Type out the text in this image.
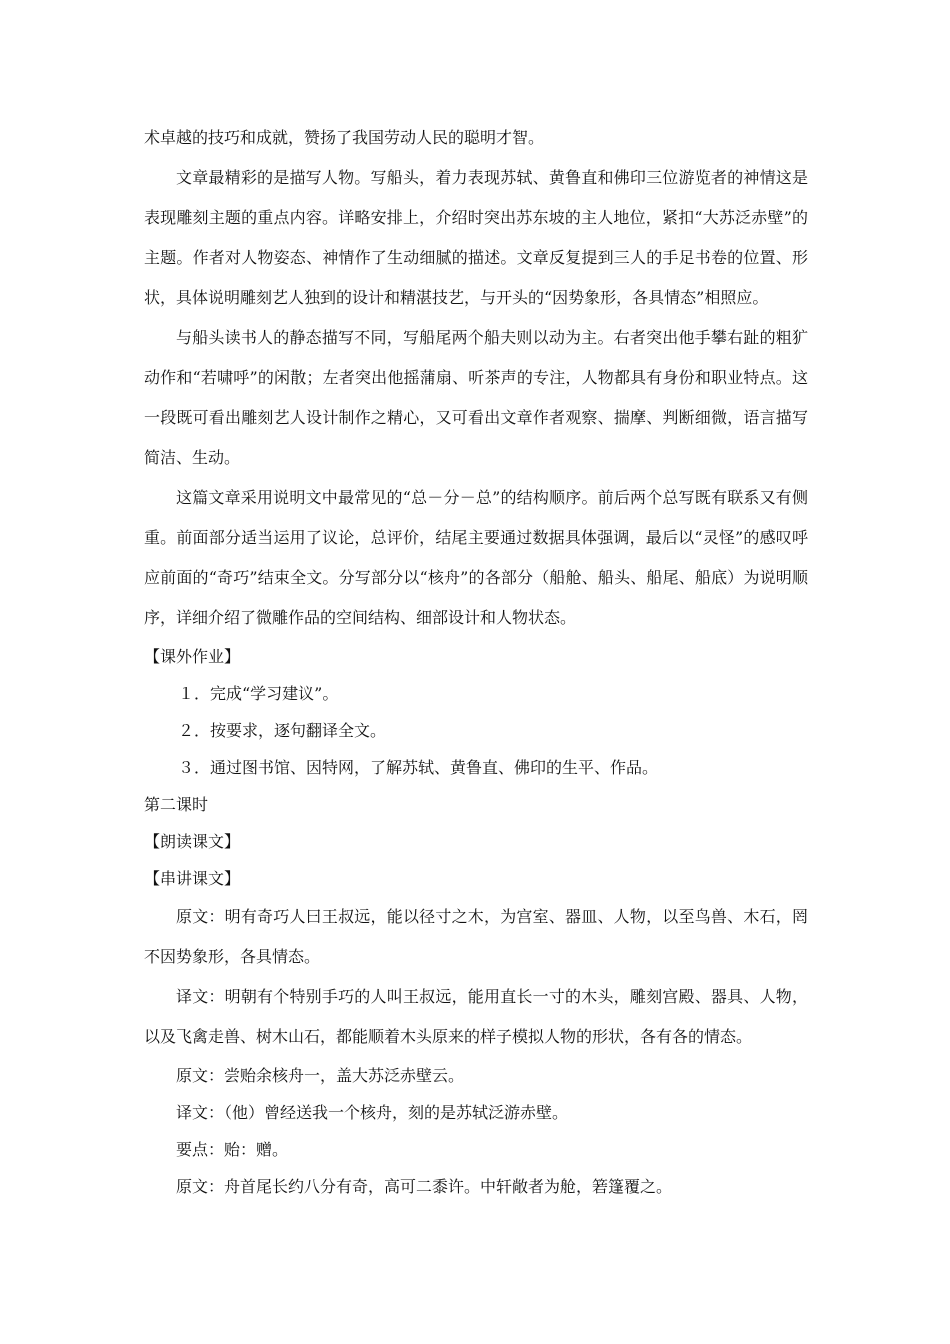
术卓越的技巧和成就，赞扬了我国劳动人民的聪明才智。

文章最精彩的是描写人物。写船头，着力表现苏轼、黄鲁直和佛印三位游览者的神情这是表现雕刻主题的重点内容。详略安排上，介绍时突出苏东坡的主人地位，紧扣“大苏泛赤壁”的主题。作者对人物姿态、神情作了生动细腻的描述。文章反复提到三人的手足书卷的位置、形状，具体说明雕刻艺人独到的设计和精湛技艺，与开头的“因势象形，各具情态”相照应。

与船头读书人的静态描写不同，写船尾两个船夫则以动为主。右者突出他手攀右趾的粗犷动作和“若啸呼”的闲散；左者突出他摇蒲扇、听茶声的专注，人物都具有身份和职业特点。这一段既可看出雕刻艺人设计制作之精心，又可看出文章作者观察、揣摩、判断细微，语言描写简洁、生动。

这篇文章采用说明文中最常见的“总－分－总”的结构顺序。前后两个总写既有联系又有侧重。前面部分适当运用了议论，总评价，结尾主要通过数据具体强调，最后以“灵怪”的感叹呼应前面的“奇巧”结束全文。分写部分以“核舟”的各部分（船舱、船头、船尾、船底）为说明顺序，详细介绍了微雕作品的空间结构、细部设计和人物状态。

【课外作业】

１．完成“学习建议”。

２．按要求，逐句翻译全文。

３．通过图书馆、因特网，了解苏轼、黄鲁直、佛印的生平、作品。

第二课时

【朗读课文】

【串讲课文】

原文：明有奇巧人曰王叔远，能以径寸之木，为宫室、器皿、人物，以至鸟兽、木石，罔不因势象形，各具情态。

译文：明朝有个特别手巧的人叫王叔远，能用直长一寸的木头，雕刻宫殿、器具、人物，以及飞禽走兽、树木山石，都能顺着木头原来的样子模拟人物的形状，各有各的情态。

原文：尝贻余核舟一，盖大苏泛赤壁云。

译文：（他）曾经送我一个核舟，刻的是苏轼泛游赤壁。

要点：贻：赠。

原文：舟首尾长约八分有奇，高可二黍许。中轩敞者为舱，箬篷覆之。
